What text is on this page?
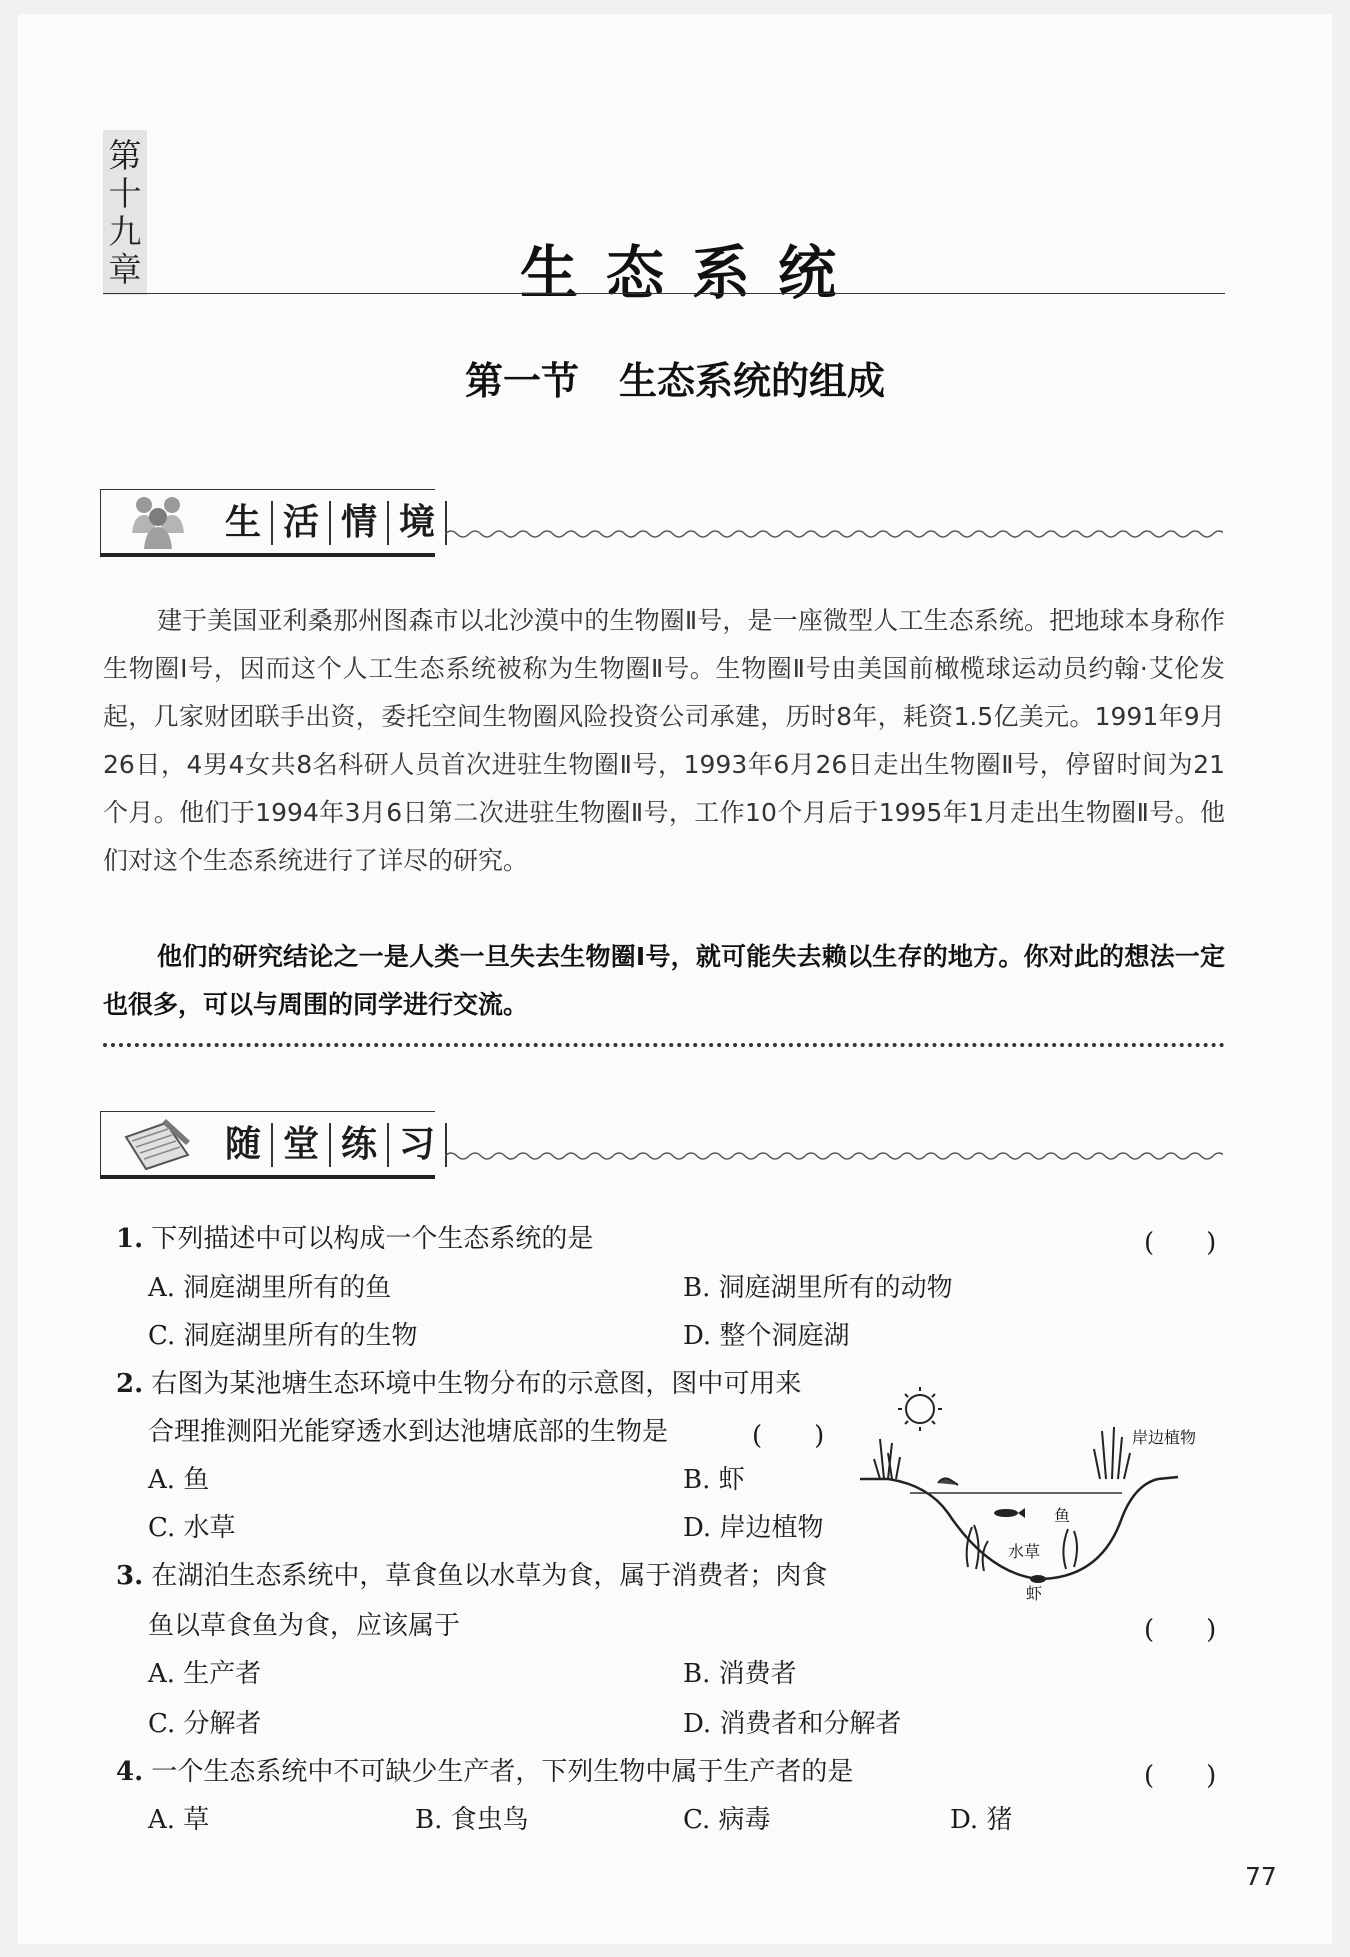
第
十
九
章	生态系统
第一节 生态系统的组成
生 活 情 境
建于美国亚利桑那州图森市以北沙漠中的生物圈Ⅱ号，是一座微型人工生态系统。把地球本身称作生物圈Ⅰ号，因而这个人工生态系统被称为生物圈Ⅱ号。生物圈Ⅱ号由美国前橄榄球运动员约翰·艾伦发起，几家财团联手出资，委托空间生物圈风险投资公司承建，历时8年，耗资1.5亿美元。1991年9月26日，4男4女共8名科研人员首次进驻生物圈Ⅱ号，1993年6月26日走出生物圈Ⅱ号，停留时间为21个月。他们于1994年3月6日第二次进驻生物圈Ⅱ号，工作10个月后于1995年1月走出生物圈Ⅱ号。他们对这个生态系统进行了详尽的研究。
他们的研究结论之一是人类一旦失去生物圈Ⅰ号，就可能失去赖以生存的地方。你对此的想法一定也很多，可以与周围的同学进行交流。
随 堂 练 习
1. 下列描述中可以构成一个生态系统的是	(　　)
A. 洞庭湖里所有的鱼	B. 洞庭湖里所有的动物
C. 洞庭湖里所有的生物	D. 整个洞庭湖
2. 右图为某池塘生态环境中生物分布的示意图，图中可用来
合理推测阳光能穿透水到达池塘底部的生物是	(　　)
A. 鱼	B. 虾
C. 水草	D. 岸边植物
岸边植物
鱼
水草
虾
3. 在湖泊生态系统中，草食鱼以水草为食，属于消费者；肉食
鱼以草食鱼为食，应该属于	(　　)
A. 生产者	B. 消费者
C. 分解者	D. 消费者和分解者
4. 一个生态系统中不可缺少生产者，下列生物中属于生产者的是	(　　)
A. 草	B. 食虫鸟	C. 病毒	D. 猪
77
